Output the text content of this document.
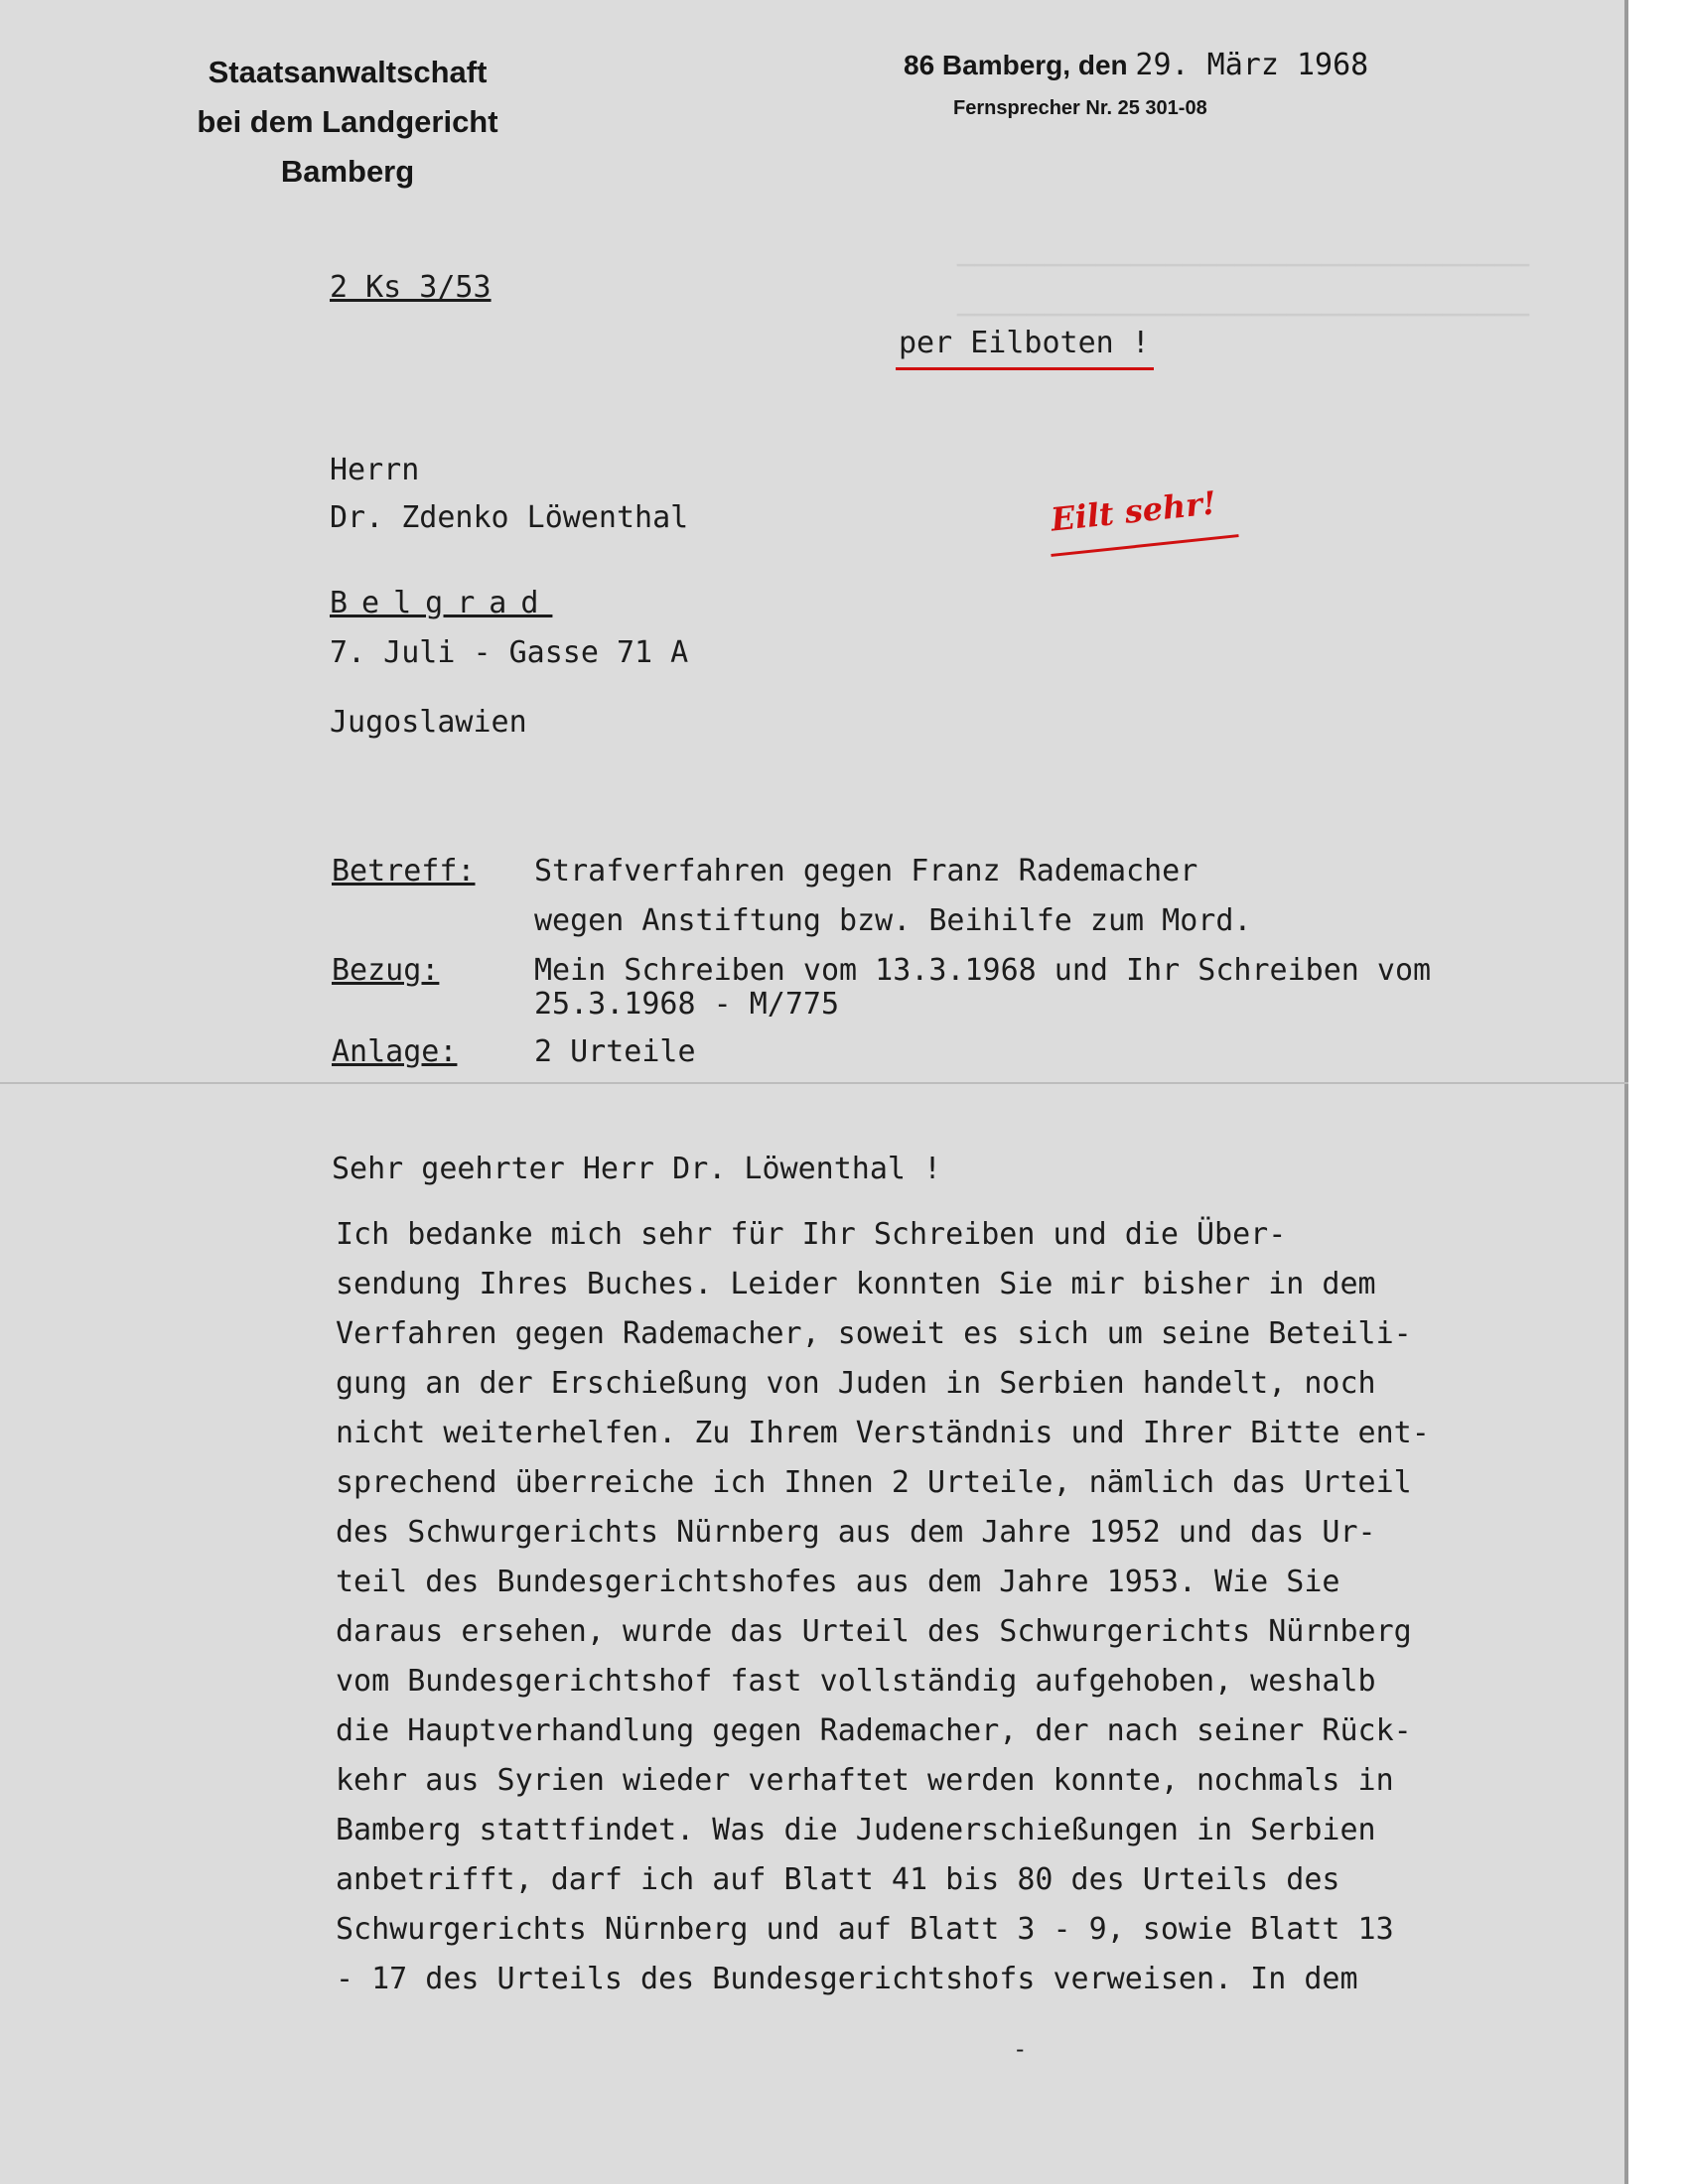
─────────────────────────────────
─────────────────────────────────
Staatsanwaltschaft
bei dem Landgericht
Bamberg
86 Bamberg, den 29. März 1968
Fernsprecher Nr. 25 301-08
2 Ks 3/53
per Eilboten !
Herrn
Dr. Zdenko Löwenthal	Eilt sehr!
Belgrad
7. Juli - Gasse 71 A
Jugoslawien
Betreff: Strafverfahren gegen Franz Rademacher
wegen Anstiftung bzw. Beihilfe zum Mord.
Bezug:	Mein Schreiben vom 13.3.1968 und Ihr Schreiben vom
25.3.1968 - M/775
Anlage:	2 Urteile
Sehr geehrter Herr Dr. Löwenthal !
Ich bedanke mich sehr für Ihr Schreiben und die Über-
sendung Ihres Buches. Leider konnten Sie mir bisher in dem
Verfahren gegen Rademacher, soweit es sich um seine Beteili-
gung an der Erschießung von Juden in Serbien handelt, noch
nicht weiterhelfen. Zu Ihrem Verständnis und Ihrer Bitte ent-
sprechend überreiche ich Ihnen 2 Urteile, nämlich das Urteil
des Schwurgerichts Nürnberg aus dem Jahre 1952 und das Ur-
teil des Bundesgerichtshofes aus dem Jahre 1953. Wie Sie
daraus ersehen, wurde das Urteil des Schwurgerichts Nürnberg
vom Bundesgerichtshof fast vollständig aufgehoben, weshalb
die Hauptverhandlung gegen Rademacher, der nach seiner Rück-
kehr aus Syrien wieder verhaftet werden konnte, nochmals in
Bamberg stattfindet. Was die Judenerschießungen in Serbien
anbetrifft, darf ich auf Blatt 41 bis 80 des Urteils des
Schwurgerichts Nürnberg und auf Blatt 3 - 9, sowie Blatt 13
- 17 des Urteils des Bundesgerichtshofs verweisen. In dem
-
